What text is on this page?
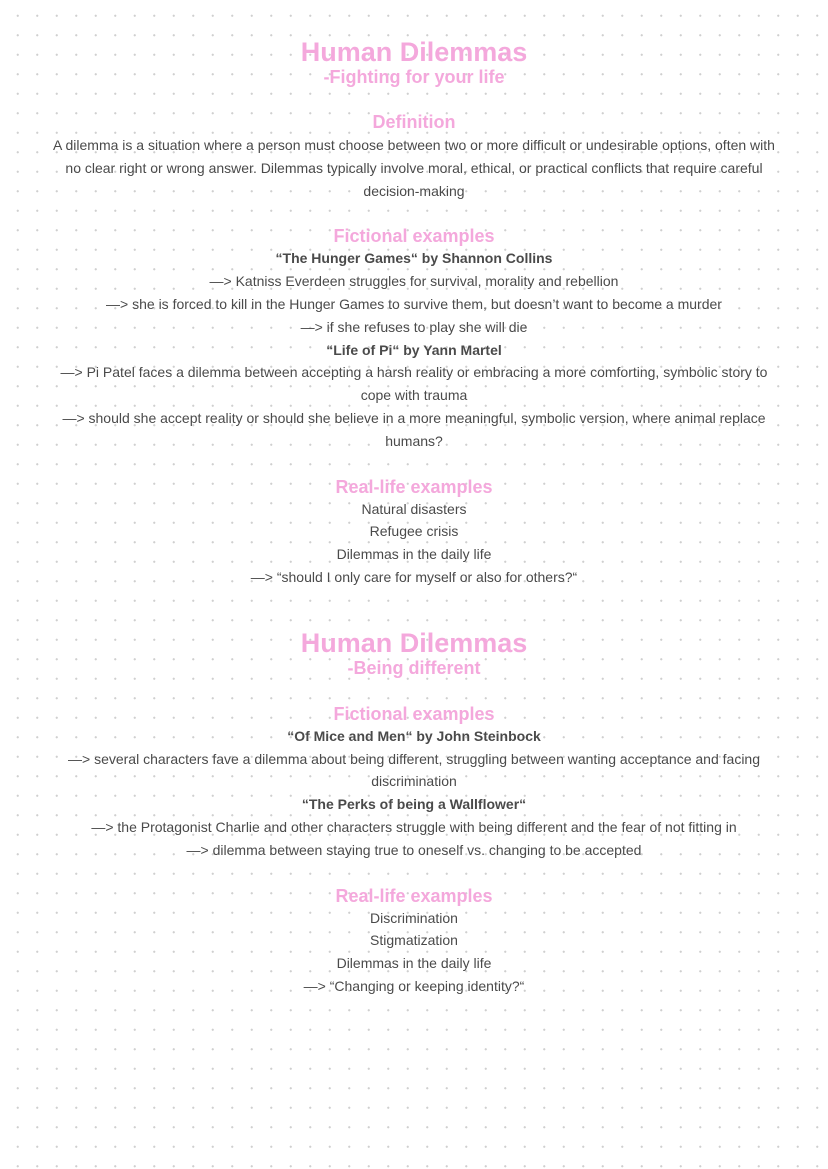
Human Dilemmas
-Fighting for your life
Definition
A dilemma is a situation where a person must choose between two or more difficult or undesirable options, often with no clear right or wrong answer. Dilemmas typically involve moral, ethical, or practical conflicts that require careful decision-making
Fictional examples
“The Hunger Games“ by Shannon Collins
—> Katniss Everdeen struggles for survival, morality and rebellion
—> she is forced to kill in the Hunger Games to survive them, but doesn’t want to become a murder
—> if she refuses to play she will die
“Life of Pi“ by Yann Martel
—> Pi Patel faces a dilemma between accepting a harsh reality or embracing a more comforting, symbolic story to cope with trauma
—> should she accept reality or should she believe in a more meaningful, symbolic version, where animal replace humans?
Real-life examples
Natural disasters
Refugee crisis
Dilemmas in the daily life
—> “should I only care for myself or also for others?“
Human Dilemmas
-Being different
Fictional examples
“Of Mice and Men“ by John Steinbock
—> several characters fave a dilemma about being different, struggling between wanting acceptance and facing discrimination
“The Perks of being a Wallflower“
—> the Protagonist Charlie and other characters struggle with being different and the fear of not fitting in
—> dilemma between staying true to oneself vs. changing to be accepted
Real-life examples
Discrimination
Stigmatization
Dilemmas in the daily life
—> “Changing or keeping identity?“
